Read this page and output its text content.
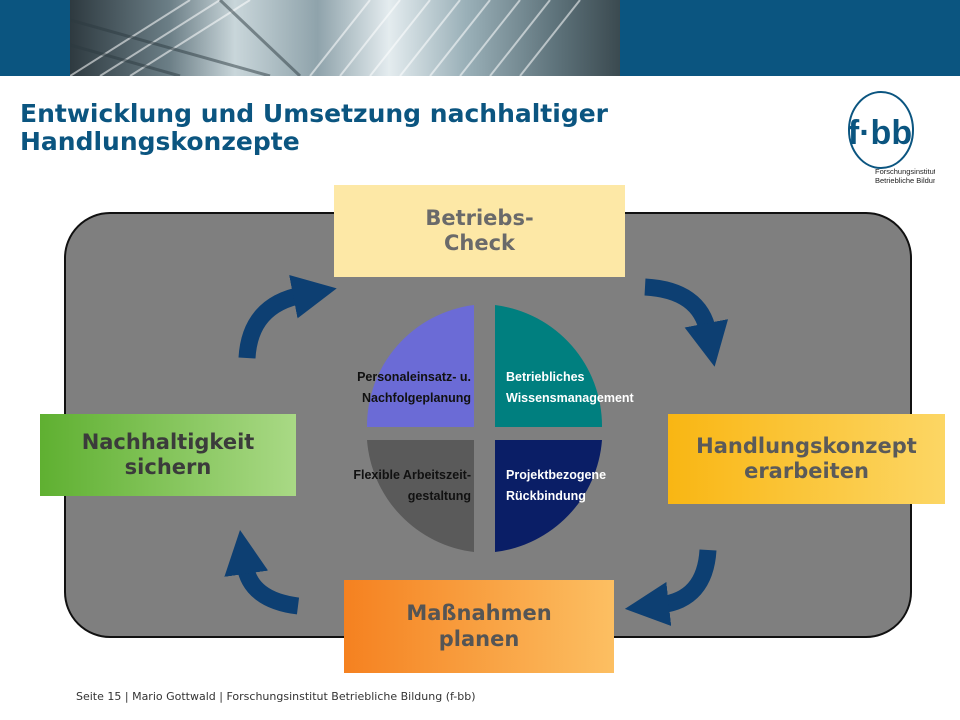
Entwicklung und Umsetzung nachhaltiger Handlungskonzepte	f·bb
Forschungsinstitut
Betriebliche Bildung
Betriebs-
Check
Handlungskonzept
erarbeiten
Maßnahmen
planen
Nachhaltigkeit
sichern
Personaleinsatz- u.
Nachfolgeplanung
Betriebliches
Wissensmanagement
Flexible Arbeitszeit-
gestaltung
Projektbezogene
Rückbindung
Seite 15 | Mario Gottwald | Forschungsinstitut Betriebliche Bildung (f-bb)
